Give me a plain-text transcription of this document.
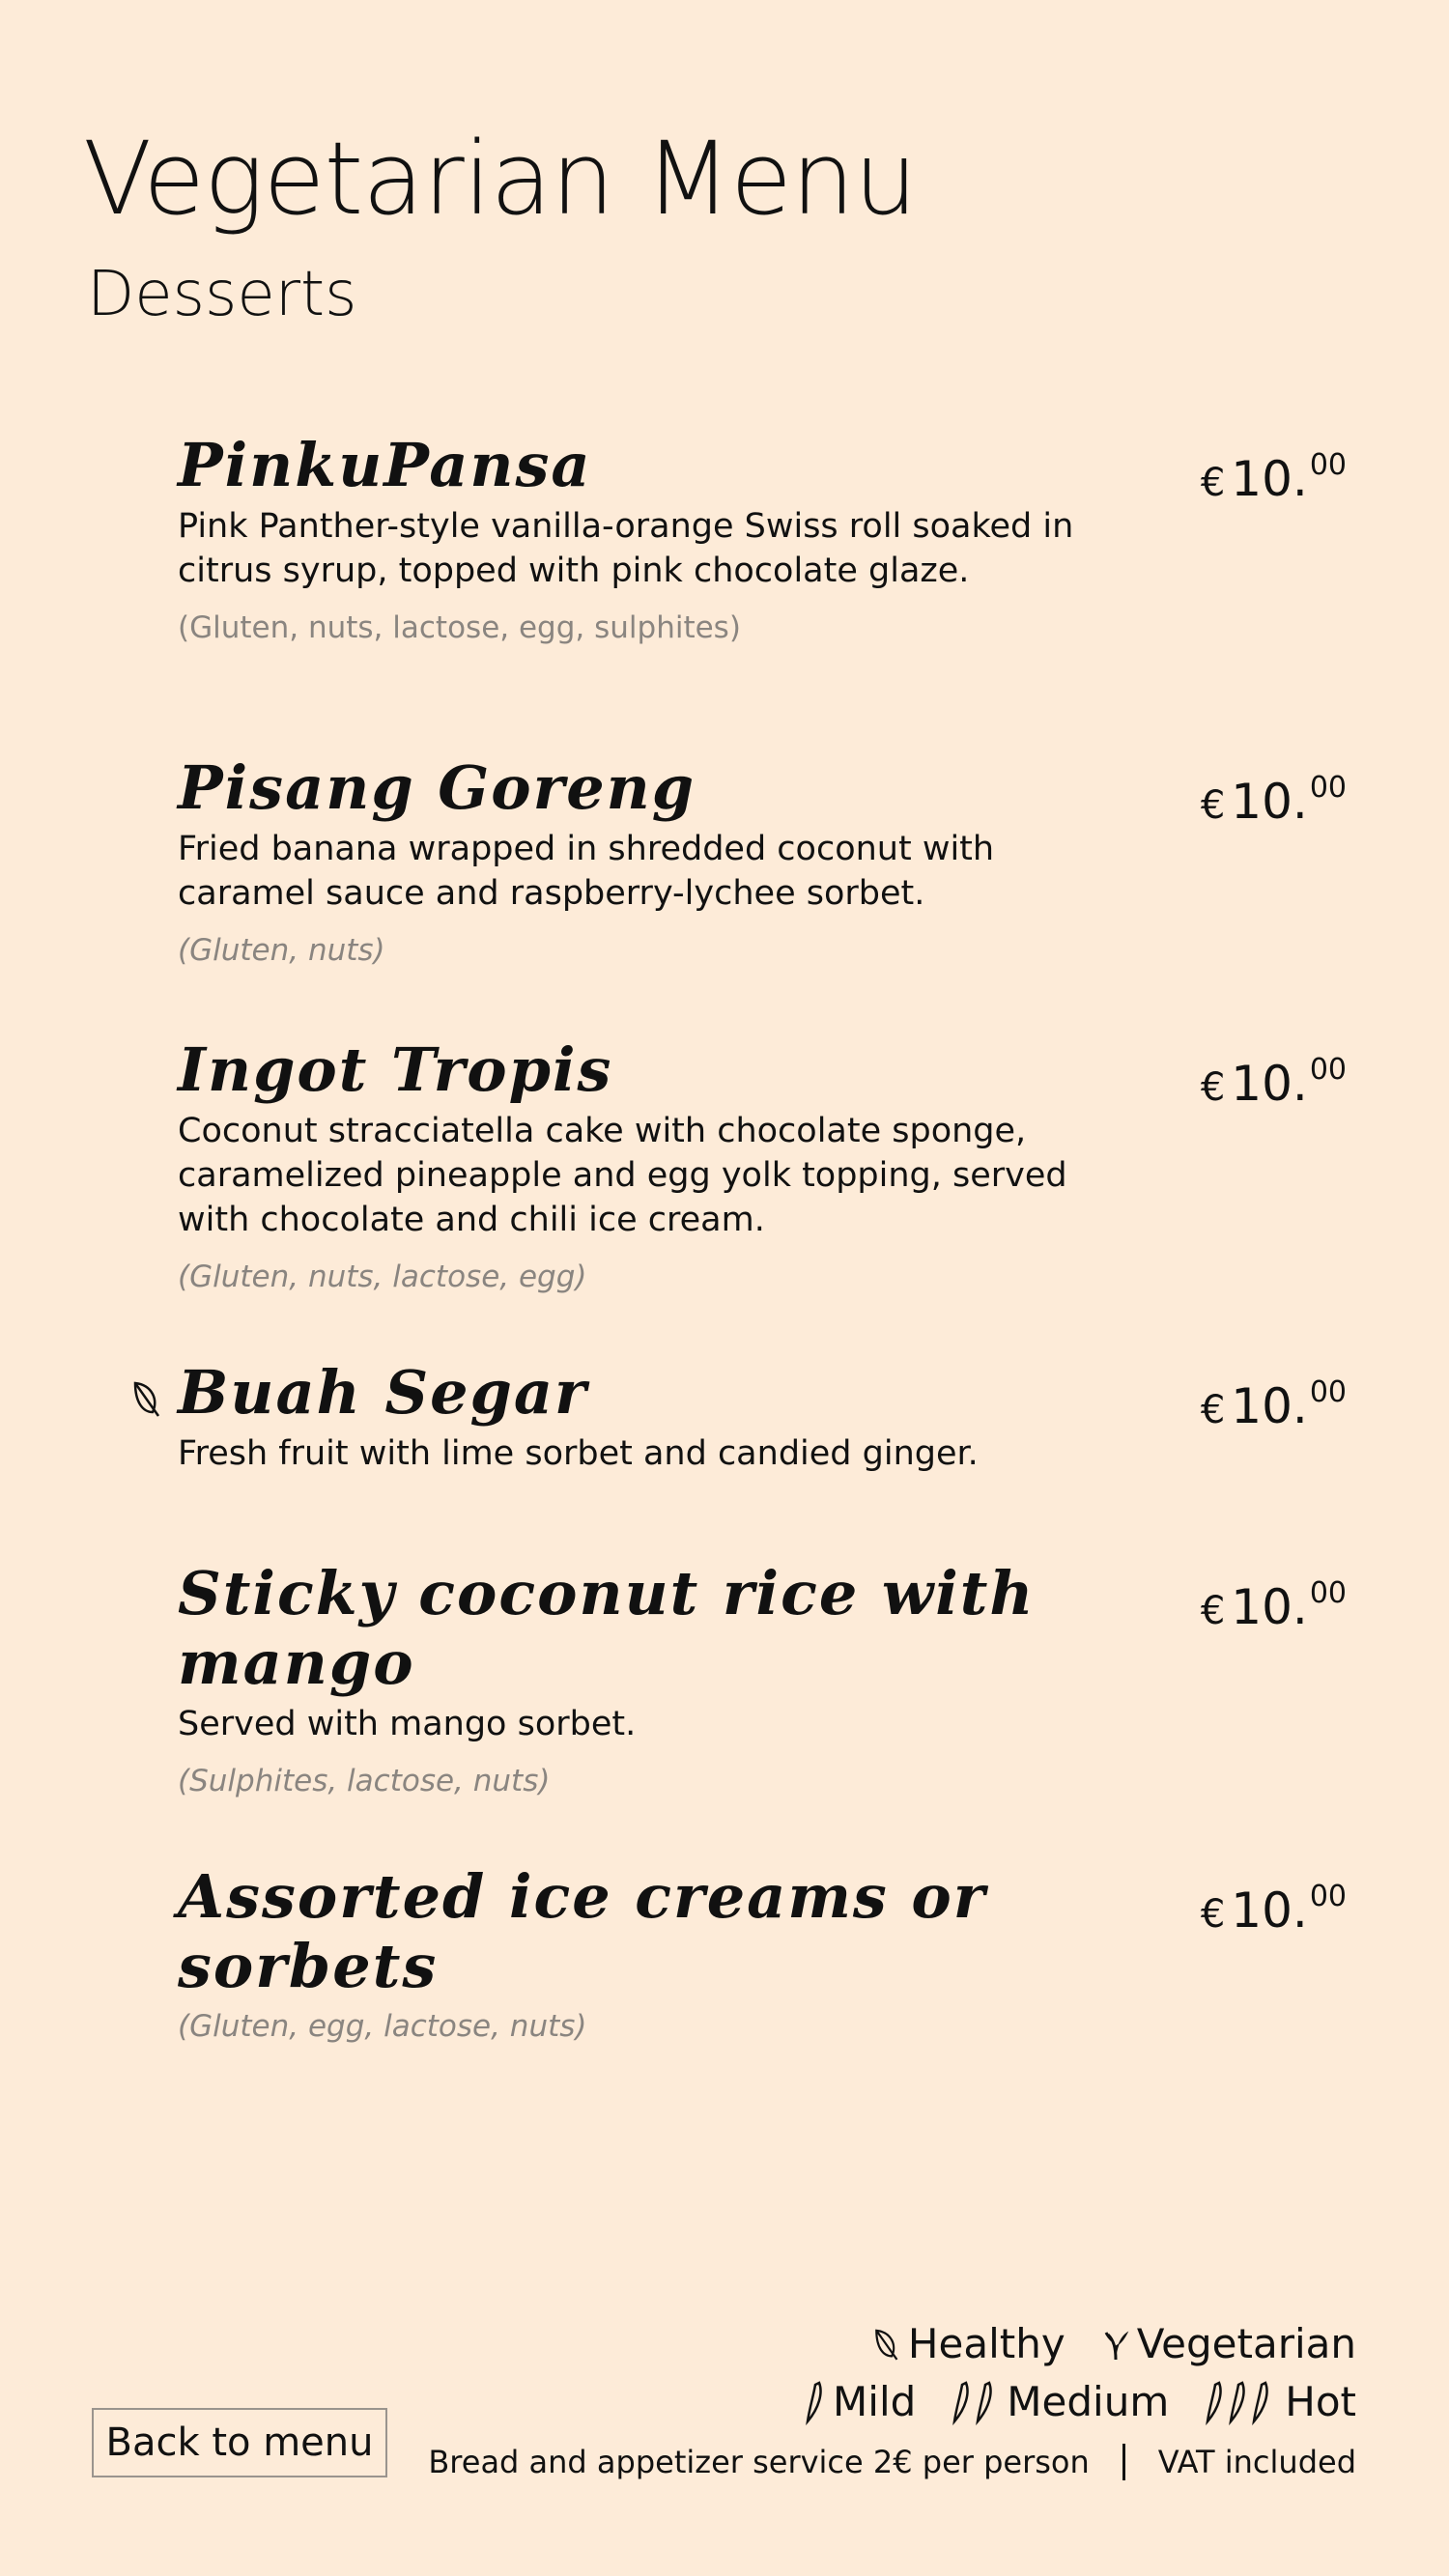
Vegetarian Menu
Desserts
PinkuPansa
Pink Panther-style vanilla-orange Swiss roll soaked in citrus syrup, topped with pink chocolate glaze.
(Gluten, nuts, lactose, egg, sulphites)
€ 10.00
Pisang Goreng
Fried banana wrapped in shredded coconut with caramel sauce and raspberry-lychee sorbet.
(Gluten, nuts)
€ 10.00
Ingot Tropis
Coconut stracciatella cake with chocolate sponge, caramelized pineapple and egg yolk topping, served with chocolate and chili ice cream.
(Gluten, nuts, lactose, egg)
€ 10.00
Buah Segar
Fresh fruit with lime sorbet and candied ginger.
€ 10.00
Sticky coconut rice with mango
Served with mango sorbet.
(Sulphites, lactose, nuts)
€ 10.00
Assorted ice creams or sorbets
(Gluten, egg, lactose, nuts)
€ 10.00
Healthy Vegetarian
Mild Medium	Hot
Bread and appetizer service 2€ per person VAT included
Back to menu
